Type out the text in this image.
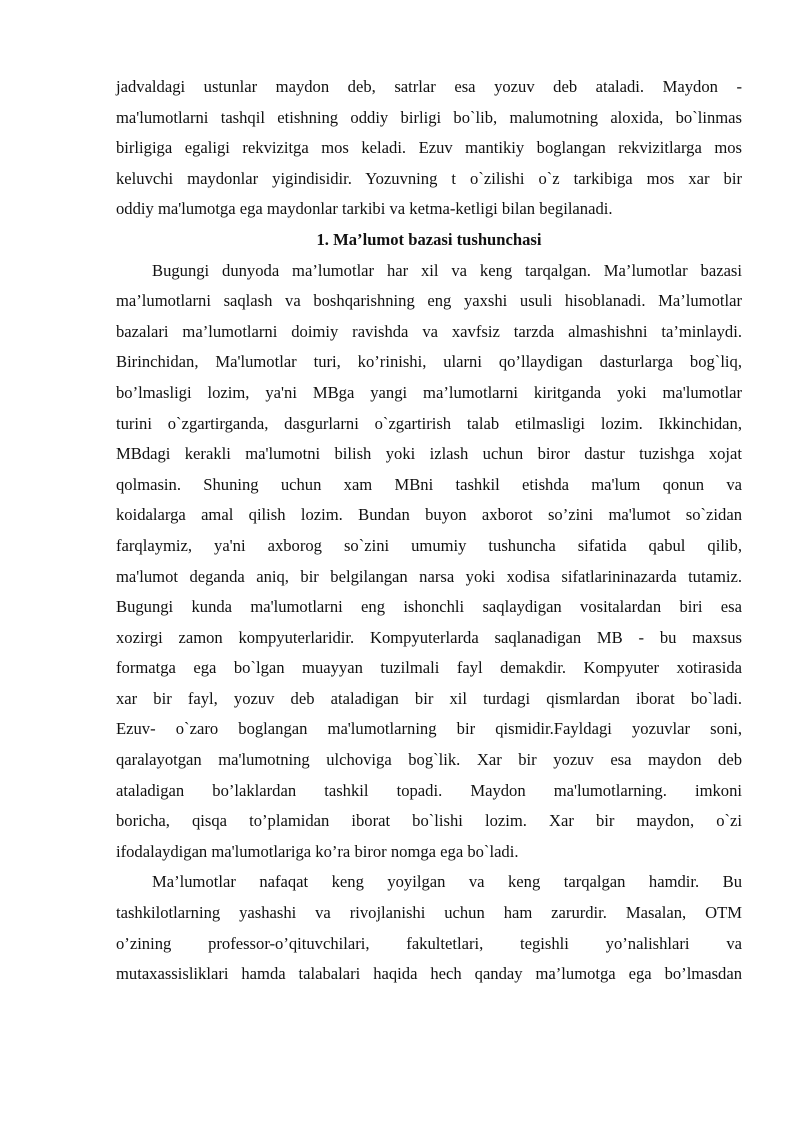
jadvaldagi ustunlar maydon deb, satrlar esa yozuv deb ataladi. Maydon -
ma'lumotlarni tashqil etishning oddiy birligi bo`lib, malumotning aloxida, bo`linmas
birligiga egaligi rekvizitga mos keladi. Ezuv mantikiy boglangan rekvizitlarga mos
keluvchi maydonlar yigindisidir. Yozuvning t o`zilishi o`z tarkibiga mos xar bir
oddiy ma'lumotga ega maydonlar tarkibi va ketma-ketligi bilan begilanadi.
1. Ma’lumot bazasi tushunchasi
Bugungi dunyoda ma’lumotlar har xil va keng tarqalgan. Ma’lumotlar bazasi
ma’lumotlarni saqlash va boshqarishning eng yaxshi usuli hisoblanadi. Ma’lumotlar
bazalari ma’lumotlarni doimiy ravishda va xavfsiz tarzda almashishni ta’minlaydi.
Birinchidan, Ma'lumotlar turi, ko’rinishi, ularni qo’llaydigan dasturlarga bog`liq,
bo’lmasligi lozim, ya'ni MBga yangi ma’lumotlarni kiritganda yoki ma'lumotlar
turini o`zgartirganda, dasgurlarni o`zgartirish talab etilmasligi lozim. Ikkinchidan,
MBdagi kerakli ma'lumotni bilish yoki izlash uchun biror dastur tuzishga xojat
qolmasin. Shuning uchun xam MBni tashkil etishda ma'lum qonun va
koidalarga amal qilish lozim. Bundan buyon axborot so’zini ma'lumot so`zidan
farqlaymiz, ya'ni axborog so`zini umumiy tushuncha sifatida qabul qilib,
ma'lumot deganda aniq, bir belgilangan narsa yoki xodisa sifatlarininazarda tutamiz.
Bugungi kunda ma'lumotlarni eng ishonchli saqlaydigan vositalardan biri esa
xozirgi zamon kompyuterlaridir. Kompyuterlarda saqlanadigan MB - bu maxsus
formatga ega bo`lgan muayyan tuzilmali fayl demakdir. Kompyuter xotirasida
xar bir fayl, yozuv deb ataladigan bir xil turdagi qismlardan iborat bo`ladi.
Ezuv- o`zaro boglangan ma'lumotlarning bir qismidir.Fayldagi yozuvlar soni,
qaralayotgan ma'lumotning ulchoviga bog`lik. Xar bir yozuv esa maydon deb
ataladigan bo’laklardan tashkil topadi. Maydon ma'lumotlarning. imkoni
boricha, qisqa to’plamidan iborat bo`lishi lozim. Xar bir maydon, o`zi
ifodalaydigan ma'lumotlariga ko’ra biror nomga ega bo`ladi.
Ma’lumotlar nafaqat keng yoyilgan va keng tarqalgan hamdir. Bu
tashkilotlarning yashashi va rivojlanishi uchun ham zarurdir. Masalan, OTM
o’zining professor-o’qituvchilari, fakultetlari, tegishli yo’nalishlari va
mutaxassisliklari hamda talabalari haqida hech qanday ma’lumotga ega bo’lmasdan
